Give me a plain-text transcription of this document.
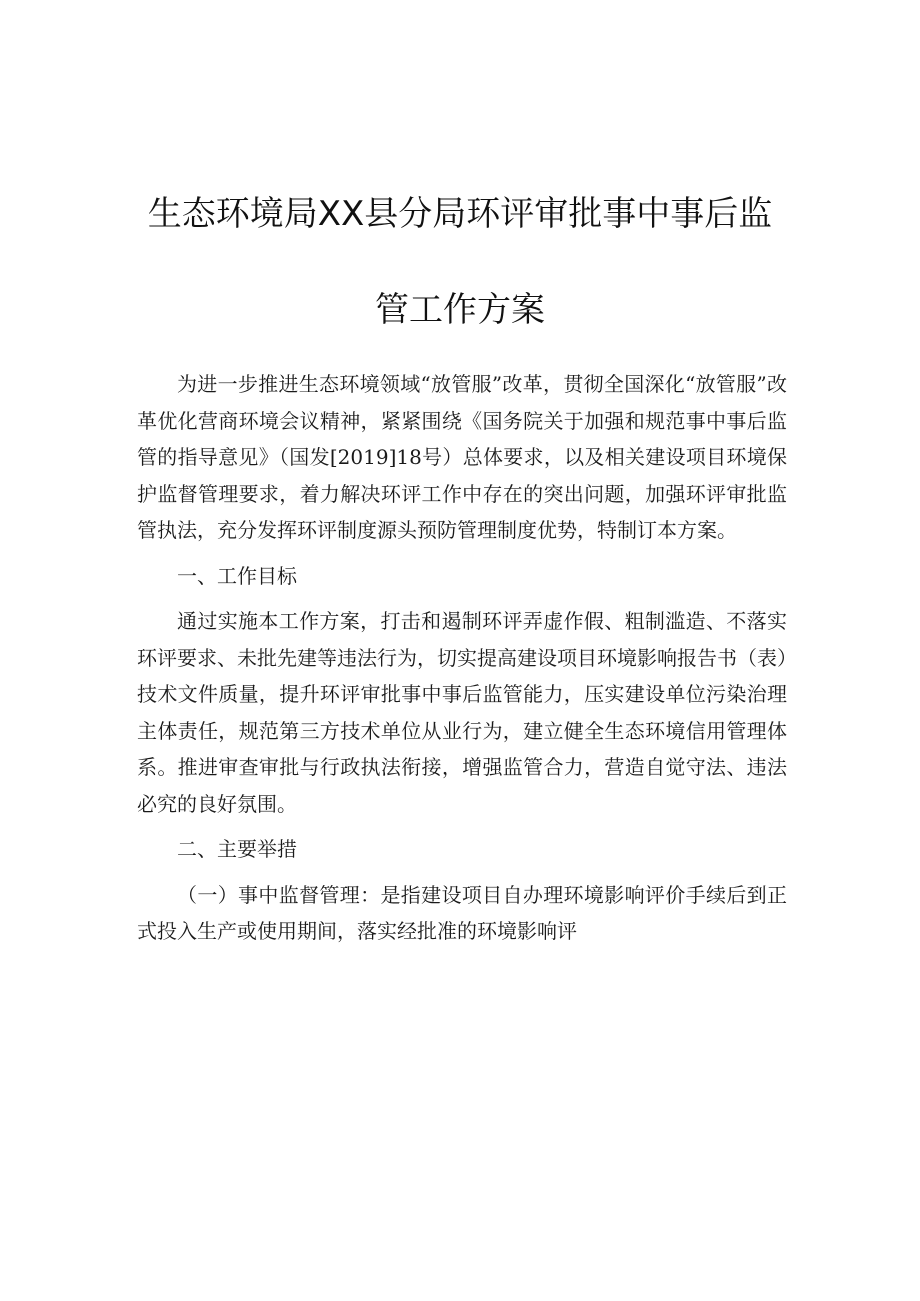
生态环境局XX县分局环评审批事中事后监
管工作方案

为进一步推进生态环境领域“放管服”改革，贯彻全国深化“放管服”改革优化营商环境会议精神，紧紧围绕《国务院关于加强和规范事中事后监管的指导意见》（国发[2019]18号）总体要求，以及相关建设项目环境保护监督管理要求，着力解决环评工作中存在的突出问题，加强环评审批监管执法，充分发挥环评制度源头预防管理制度优势，特制订本方案。

一、工作目标

通过实施本工作方案，打击和遏制环评弄虚作假、粗制滥造、不落实环评要求、未批先建等违法行为，切实提高建设项目环境影响报告书（表）技术文件质量，提升环评审批事中事后监管能力，压实建设单位污染治理主体责任，规范第三方技术单位从业行为，建立健全生态环境信用管理体系。推进审查审批与行政执法衔接，增强监管合力，营造自觉守法、违法必究的良好氛围。

二、主要举措

（一）事中监督管理：是指建设项目自办理环境影响评价手续后到正式投入生产或使用期间，落实经批准的环境影响评
